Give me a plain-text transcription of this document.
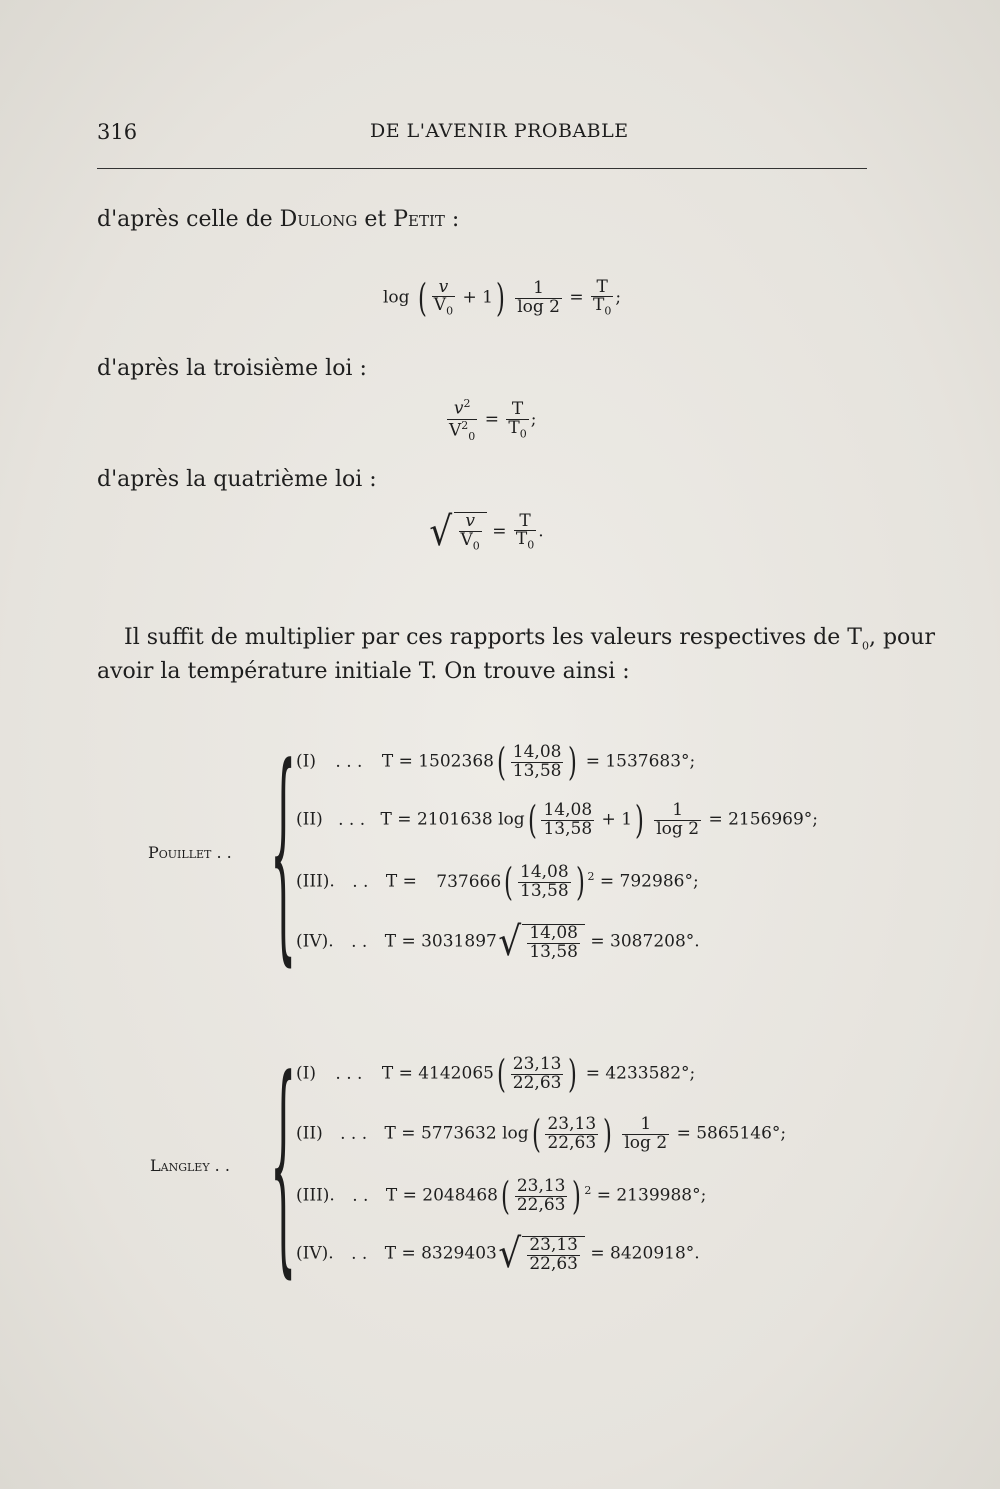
316	DE L'AVENIR PROBABLE
d'après celle de Dulong et Petit :
log ( $\frac{v}{V_0} + 1) \frac{1}{\log 2} = \frac{T}{T_0}$ ;
d'après la troisième loi :
$\frac{v^2}{V^2_0} = \frac{T}{T_0}$ ;
d'après la quatrième loi :
√ $\frac{v}{V_0} = \frac{T}{T_0}$ .
Il suffit de multiplier par ces rapports les valeurs respectives de $T_0$, pour
avoir la température initiale T. On trouve ainsi :
Pouillet . . { (I) . . . $T = 1502368( \frac{14,08}{13,58}$ ) = 1537683°;
(II) . . . T = 2101638 $\log( \frac{14,08}{13,58} + 1) \frac{1}{\log 2} = 2156969^\circ$;
(III). . . $T = 737666( \frac{14,08}{13,58}$ ) $^2$ = 792986°;
(IV). . . T = 3031897 √ $\frac{14,08}{13,58} = 3087208^\circ$.
Langley . . { (I) . . . $T = 4142065( \frac{23,13}{22,63}$ ) = 4233582°;
(II) . . . T = 5773632 $\log( \frac{23,13}{22,63}$ ) $\frac{1}{\log 2} = 5865146^\circ$;
(III). . . $T = 2048468( \frac{23,13}{22,63}$ ) $^2$ = 2139988°;
(IV). . . T = 8329403 √ $\frac{23,13}{22,63} = 8420918^\circ$.
